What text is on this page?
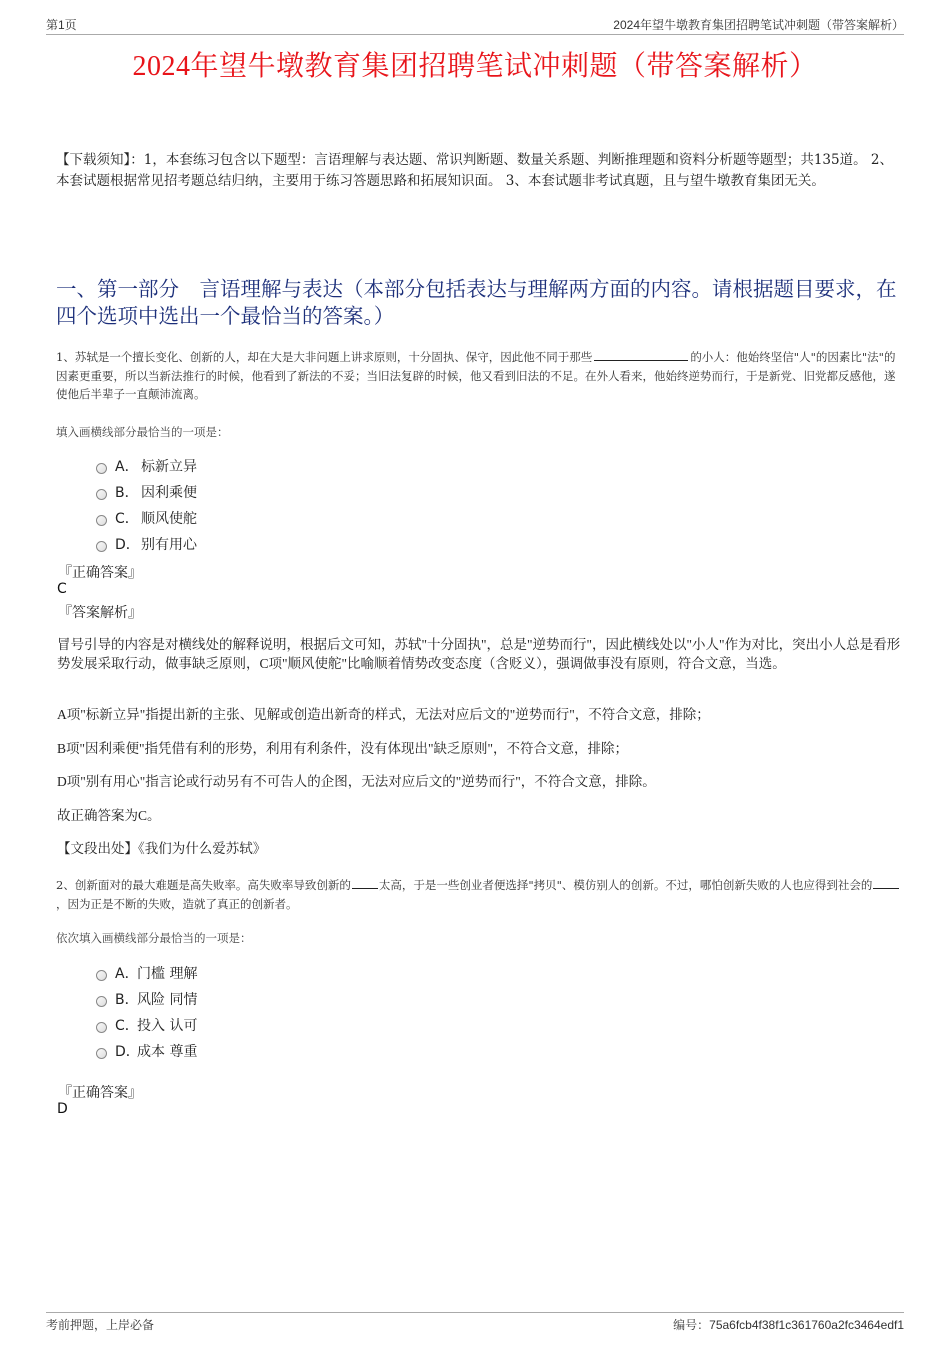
第1页	2024年望牛墩教育集团招聘笔试冲刺题（带答案解析）
2024年望牛墩教育集团招聘笔试冲刺题（带答案解析）
【下载须知】：1，本套练习包含以下题型：言语理解与表达题、常识判断题、数量关系题、判断推理题和资料分析题等题型；共135道。 2、本套试题根据常见招考题总结归纳，主要用于练习答题思路和拓展知识面。 3、本套试题非考试真题，且与望牛墩教育集团无关。
一、第一部分　言语理解与表达（本部分包括表达与理解两方面的内容。请根据题目要求，在四个选项中选出一个最恰当的答案。）
1、苏轼是一个擅长变化、创新的人，却在大是大非问题上讲求原则，十分固执、保守，因此他不同于那些	的小人：他始终坚信"人"的因素比"法"的因素更重要，所以当新法推行的时候，他看到了新法的不妥；当旧法复辟的时候，他又看到旧法的不足。在外人看来，他始终逆势而行，于是新党、旧党都反感他，遂使他后半辈子一直颠沛流离。
填入画横线部分最恰当的一项是：
A． 标新立异
B． 因利乘便
C． 顺风使舵
D． 别有用心
『正确答案』
C
『答案解析』
冒号引导的内容是对横线处的解释说明，根据后文可知，苏轼"十分固执"，总是"逆势而行"，因此横线处以"小人"作为对比，突出小人总是看形势发展采取行动，做事缺乏原则，C项"顺风使舵"比喻顺着情势改变态度（含贬义），强调做事没有原则，符合文意，当选。
A项"标新立异"指提出新的主张、见解或创造出新奇的样式，无法对应后文的"逆势而行"，不符合文意，排除；
B项"因利乘便"指凭借有利的形势，利用有利条件，没有体现出"缺乏原则"，不符合文意，排除；
D项"别有用心"指言论或行动另有不可告人的企图，无法对应后文的"逆势而行"，不符合文意，排除。
故正确答案为C。
【文段出处】《我们为什么爱苏轼》
2、创新面对的最大难题是高失败率。高失败率导致创新的 太高，于是一些创业者便选择"拷贝"、模仿别人的创新。不过，哪怕创新失败的人也应得到社会的，因为正是不断的失败，造就了真正的创新者。
依次填入画横线部分最恰当的一项是：
A．
门槛 理解
B．
风险 同情
C．
投入 认可
D．
成本 尊重
『正确答案』
D
考前押题，上岸必备	编号：75a6fcb4f38f1c361760a2fc3464edf1
